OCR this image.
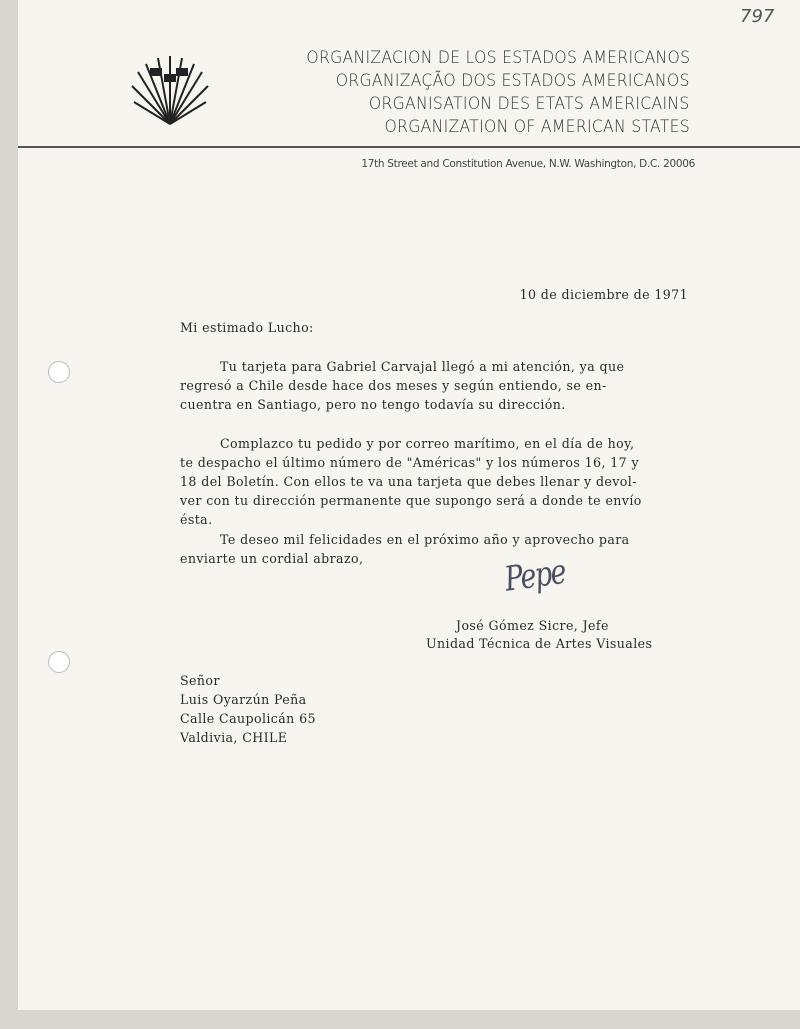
797
ORGANIZACION DE LOS ESTADOS AMERICANOS
ORGANIZAÇÃO DOS ESTADOS AMERICANOS
ORGANISATION DES ETATS AMERICAINS
ORGANIZATION OF AMERICAN STATES
17th Street and Constitution Avenue, N.W. Washington, D.C. 20006
10 de diciembre de 1971
Mi estimado Lucho:
Tu tarjeta para Gabriel Carvajal llegó a mi atención, ya que
regresó a Chile desde hace dos meses y según entiendo, se en-
cuentra en Santiago, pero no tengo todavía su dirección.
Complazco tu pedido y por correo marítimo, en el día de hoy,
te despacho el último número de "Américas" y los números 16, 17 y
18 del Boletín. Con ellos te va una tarjeta que debes llenar y devol-
ver con tu dirección permanente que supongo será a donde te envío
ésta.
Te deseo mil felicidades en el próximo año y aprovecho para
enviarte un cordial abrazo,	Pepe
José Gómez Sicre, Jefe
Unidad Técnica de Artes Visuales
Señor
Luis Oyarzún Peña
Calle Caupolicán 65
Valdivia, CHILE
